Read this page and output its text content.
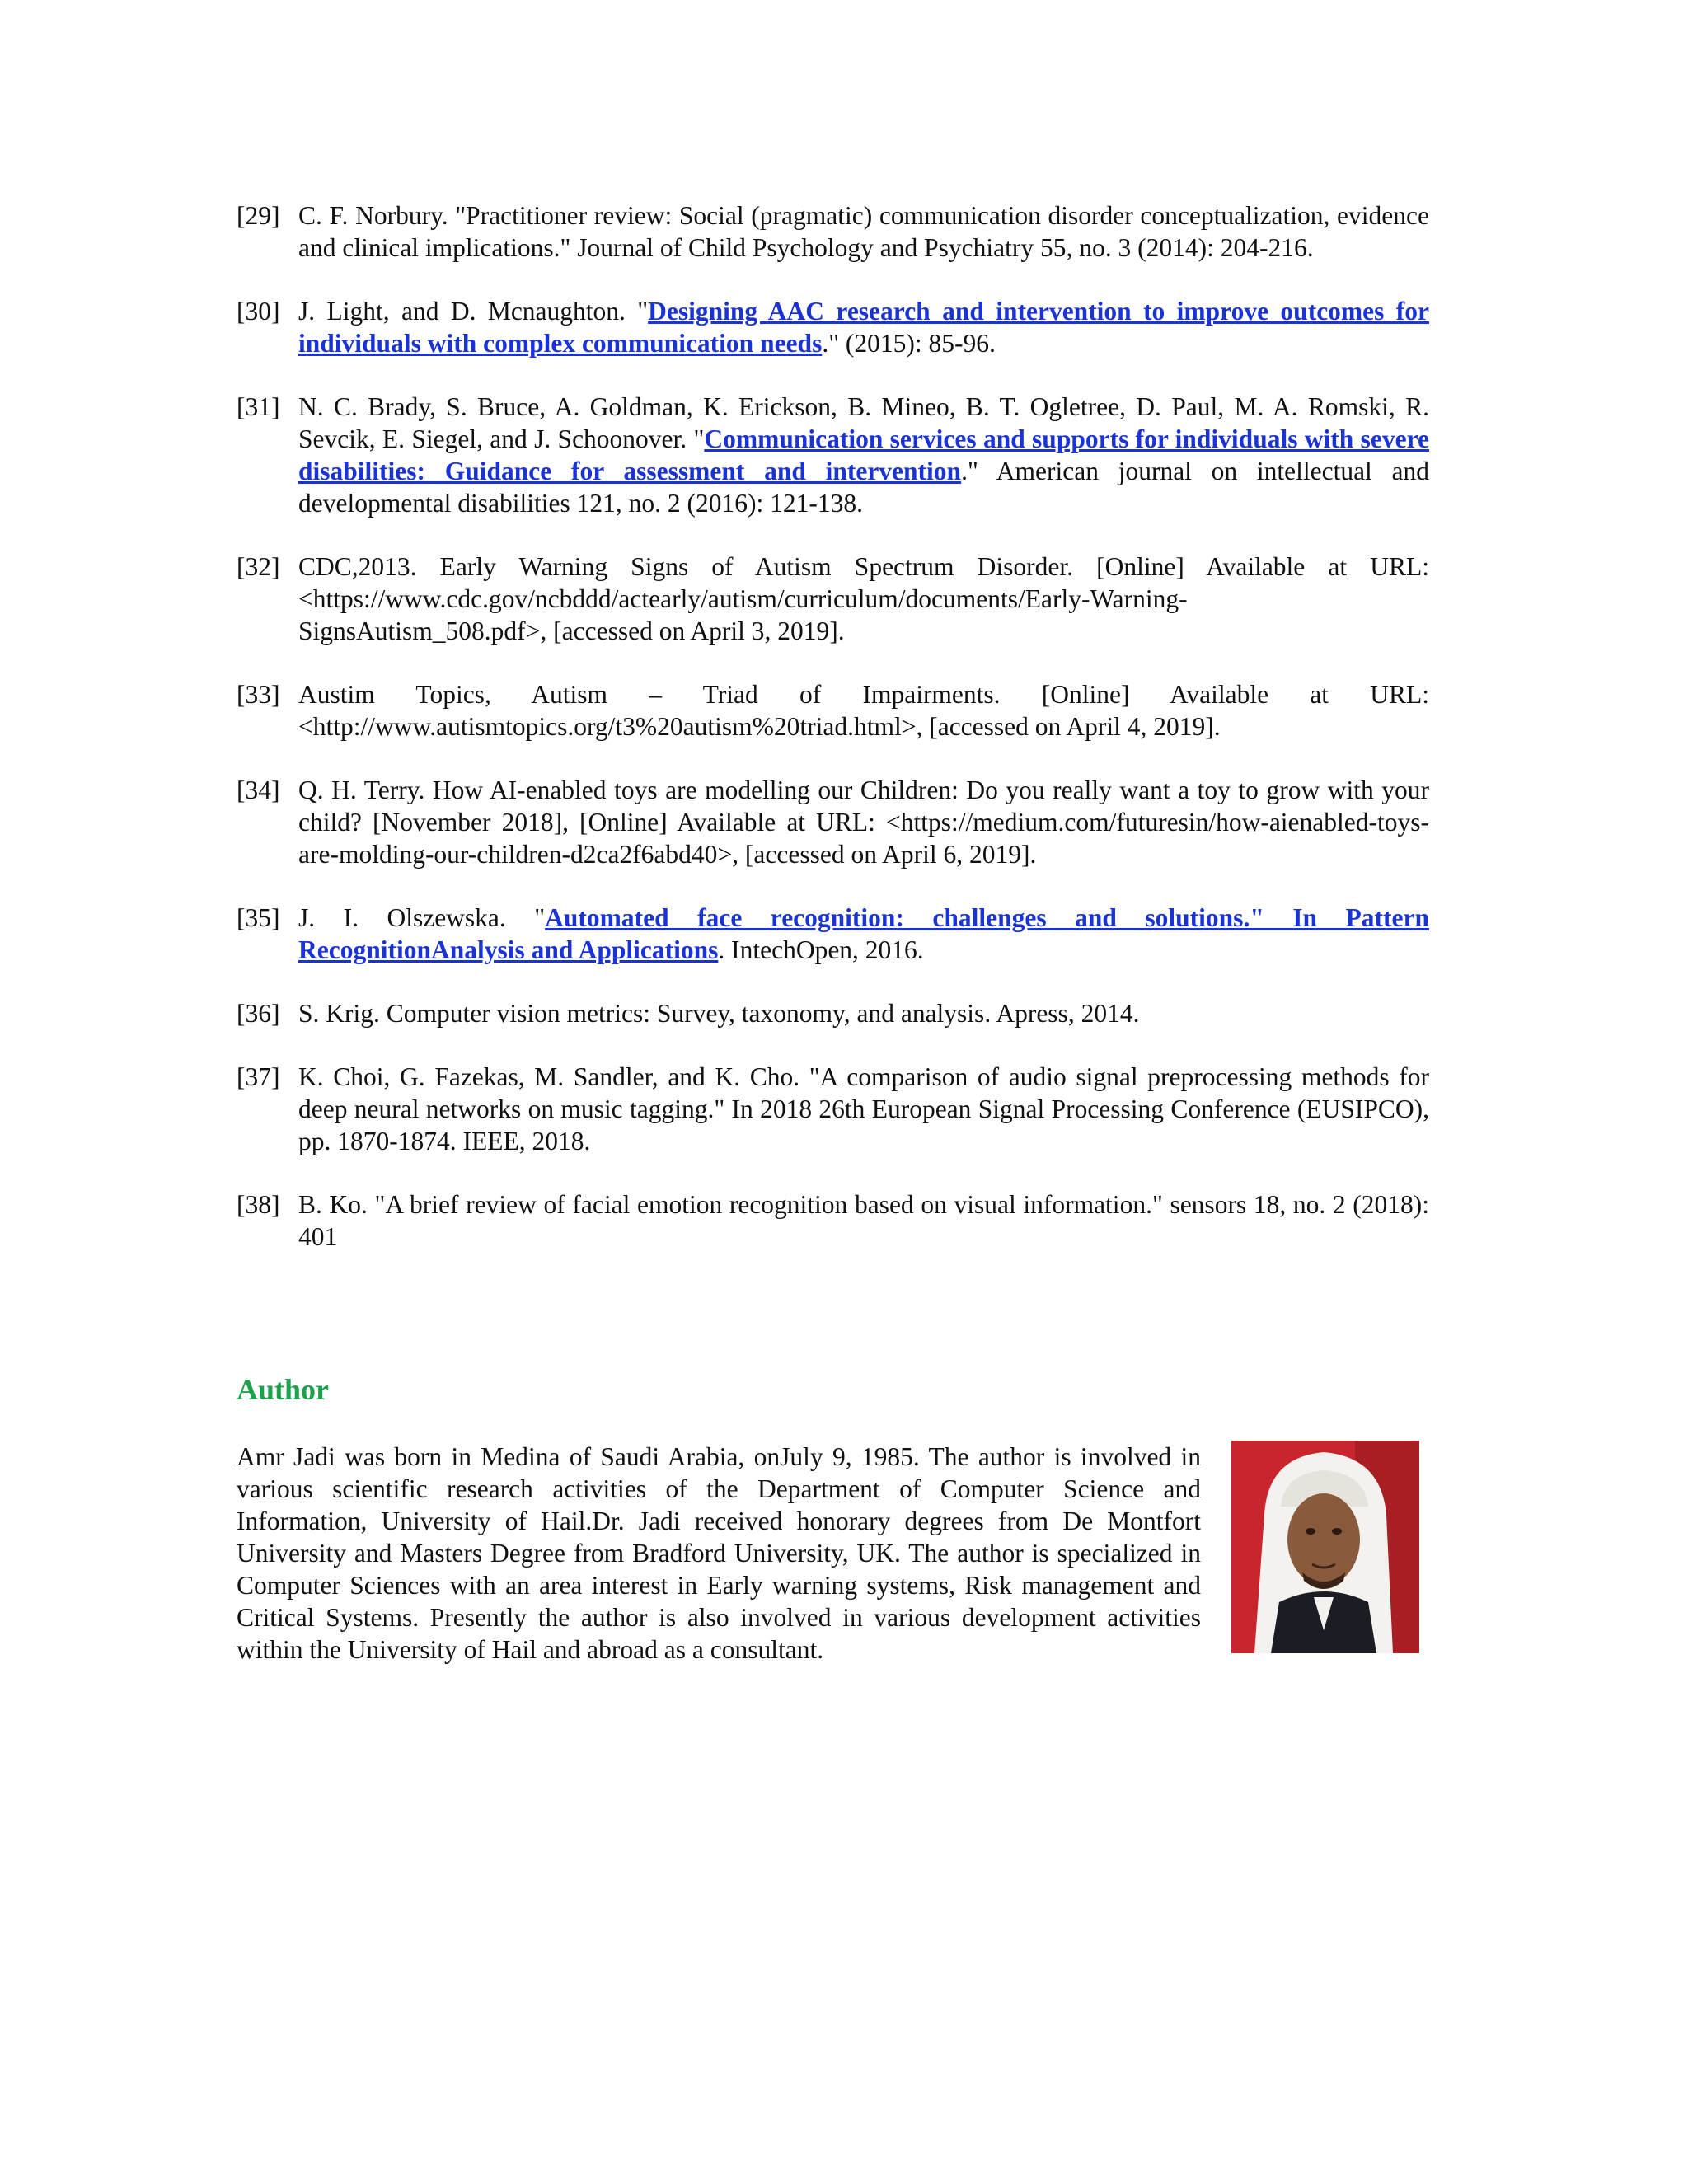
[29] C. F. Norbury. "Practitioner review: Social (pragmatic) communication disorder conceptualization, evidence and clinical implications." Journal of Child Psychology and Psychiatry 55, no. 3 (2014): 204-216.
[30] J. Light, and D. Mcnaughton. "Designing AAC research and intervention to improve outcomes for individuals with complex communication needs." (2015): 85-96.
[31] N. C. Brady, S. Bruce, A. Goldman, K. Erickson, B. Mineo, B. T. Ogletree, D. Paul, M. A. Romski, R. Sevcik, E. Siegel, and J. Schoonover. "Communication services and supports for individuals with severe disabilities: Guidance for assessment and intervention." American journal on intellectual and developmental disabilities 121, no. 2 (2016): 121-138.
[32] CDC,2013. Early Warning Signs of Autism Spectrum Disorder. [Online] Available at URL: <https://www.cdc.gov/ncbddd/actearly/autism/curriculum/documents/Early-Warning-SignsAutism_508.pdf>, [accessed on April 3, 2019].
[33] Austim Topics, Autism – Triad of Impairments. [Online] Available at URL: <http://www.autismtopics.org/t3%20autism%20triad.html>, [accessed on April 4, 2019].
[34] Q. H. Terry. How AI-enabled toys are modelling our Children: Do you really want a toy to grow with your child? [November 2018], [Online] Available at URL: <https://medium.com/futuresin/how-aienabled-toys-are-molding-our-children-d2ca2f6abd40>, [accessed on April 6, 2019].
[35] J. I. Olszewska. "Automated face recognition: challenges and solutions." In Pattern RecognitionAnalysis and Applications. IntechOpen, 2016.
[36] S. Krig. Computer vision metrics: Survey, taxonomy, and analysis. Apress, 2014.
[37] K. Choi, G. Fazekas, M. Sandler, and K. Cho. "A comparison of audio signal preprocessing methods for deep neural networks on music tagging." In 2018 26th European Signal Processing Conference (EUSIPCO), pp. 1870-1874. IEEE, 2018.
[38] B. Ko. "A brief review of facial emotion recognition based on visual information." sensors 18, no. 2 (2018): 401
Author

Amr Jadi was born in Medina of Saudi Arabia, onJuly 9, 1985. The author is involved in various scientific research activities of the Department of Computer Science and Information, University of Hail.Dr. Jadi received honorary degrees from De Montfort University and Masters Degree from Bradford University, UK. The author is specialized in Computer Sciences with an area interest in Early warning systems, Risk management and Critical Systems. Presently the author is also involved in various development activities within the University of Hail and abroad as a consultant.
